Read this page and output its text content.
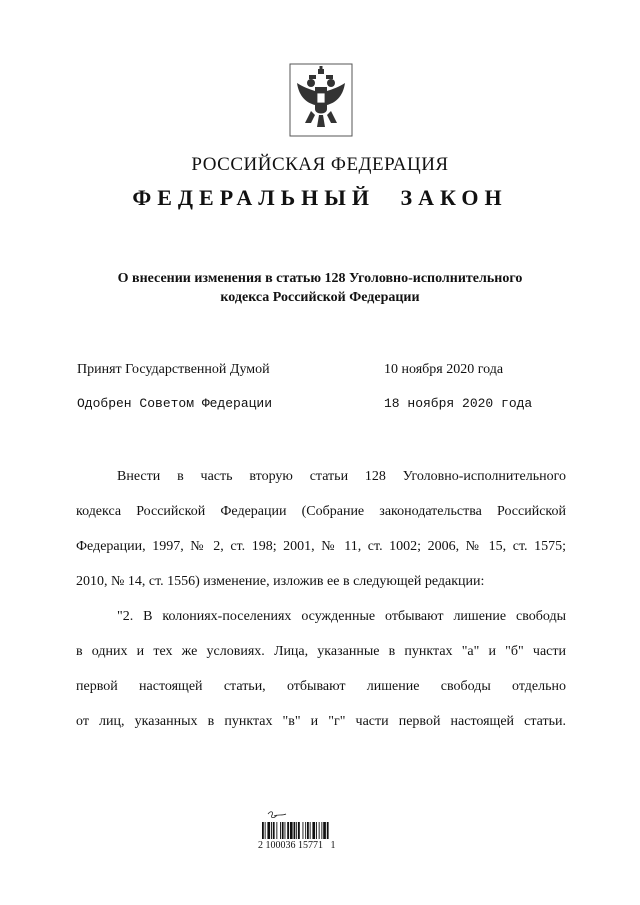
РОССИЙСКАЯ ФЕДЕРАЦИЯ
ФЕДЕРАЛЬНЫЙ ЗАКОН
О внесении изменения в статью 128 Уголовно-исполнительного
кодекса Российской Федерации
Принят Государственной Думой	10 ноября 2020 года
Одобрен Советом Федерации	18 ноября 2020 года
Внести в часть вторую статьи 128 Уголовно-исполнительного
кодекса Российской Федерации (Собрание законодательства Российской
Федерации, 1997, № 2, ст. 198; 2001, № 11, ст. 1002; 2006, № 15, ст. 1575;
2010, № 14, ст. 1556) изменение, изложив ее в следующей редакции:
"2. В колониях-поселениях осужденные отбывают лишение свободы
в одних и тех же условиях. Лица, указанные в пунктах "а" и "б" части
первой настоящей статьи, отбывают лишение свободы отдельно
от лиц, указанных в пунктах "в" и "г" части первой настоящей статьи.
2 100036 15771   1
